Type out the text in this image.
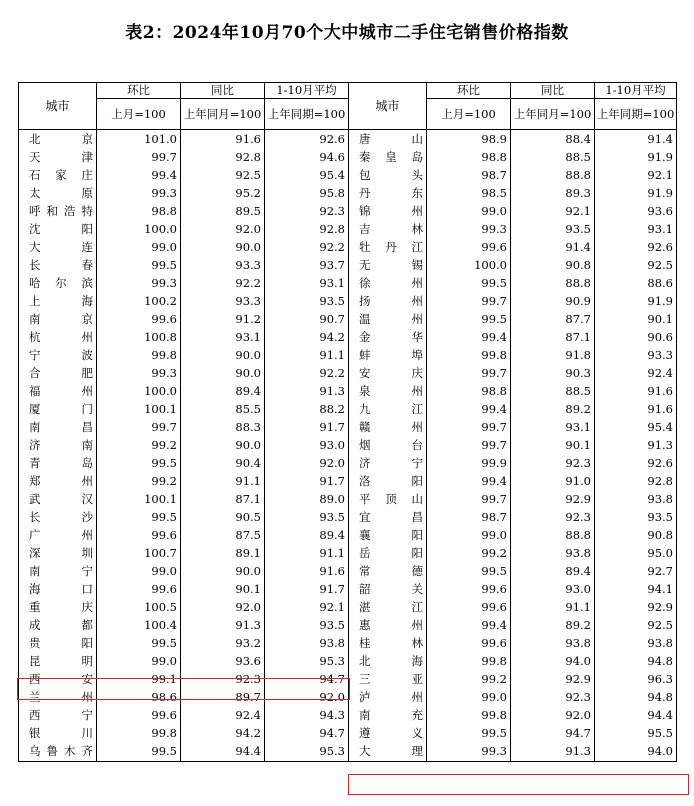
表2：2024年10月70个大中城市二手住宅销售价格指数
城市	环比	同比	1-10月平均	城市	环比	同比	1-10月平均
	上月=100	上年同月=100	上年同期=100		上月=100	上年同月=100	上年同期=100

北 京	101.0	91.6	92.6	唐 山	98.9	88.4	91.4

天 津	99.7	92.8	94.6	秦 皇 岛	98.8	88.5	91.9

石 家 庄	99.4	92.5	95.4	包 头	98.7	88.8	92.1

太 原	99.3	95.2	95.8	丹 东	98.5	89.3	91.9

呼 和 浩 特	98.8	89.5	92.3	锦 州	99.0	92.1	93.6

沈 阳	100.0	92.0	92.8	吉 林	99.3	93.5	93.1

大 连	99.0	90.0	92.2	牡 丹 江	99.6	91.4	92.6

长 春	99.5	93.3	93.7	无 锡	100.0	90.8	92.5

哈 尔 滨	99.3	92.2	93.1	徐 州	99.5	88.8	88.6

上 海	100.2	93.3	93.5	扬 州	99.7	90.9	91.9

南 京	99.6	91.2	90.7	温 州	99.5	87.7	90.1

杭 州	100.8	93.1	94.2	金 华	99.4	87.1	90.6

宁 波	99.8	90.0	91.1	蚌 埠	99.8	91.8	93.3

合 肥	99.3	90.0	92.2	安 庆	99.7	90.3	92.4

福 州	100.0	89.4	91.3	泉 州	98.8	88.5	91.6

厦 门	100.1	85.5	88.2	九 江	99.4	89.2	91.6

南 昌	99.7	88.3	91.7	赣 州	99.7	93.1	95.4

济 南	99.2	90.0	93.0	烟 台	99.7	90.1	91.3

青 岛	99.5	90.4	92.0	济 宁	99.9	92.3	92.6

郑 州	99.2	91.1	91.7	洛 阳	99.4	91.0	92.8

武 汉	100.1	87.1	89.0	平 顶 山	99.7	92.9	93.8

长 沙	99.5	90.5	93.5	宜 昌	98.7	92.3	93.5

广 州	99.6	87.5	89.4	襄 阳	99.0	88.8	90.8

深 圳	100.7	89.1	91.1	岳 阳	99.2	93.8	95.0

南 宁	99.0	90.0	91.6	常 德	99.5	89.4	92.7

海 口	99.6	90.1	91.7	韶 关	99.6	93.0	94.1

重 庆	100.5	92.0	92.1	湛 江	99.6	91.1	92.9

成 都	100.4	91.3	93.5	惠 州	99.4	89.2	92.5

贵 阳	99.5	93.2	93.8	桂 林	99.6	93.8	93.8

昆 明	99.0	93.6	95.3	北 海	99.8	94.0	94.8

西 安	99.1	92.3	94.7	三 亚	99.2	92.9	96.3

兰 州	98.6	89.7	92.0	泸 州	99.0	92.3	94.8

西 宁	99.6	92.4	94.3	南 充	99.8	92.0	94.4

银 川	99.8	94.2	94.7	遵 义	99.5	94.7	95.5

乌 鲁 木 齐	99.5	94.4	95.3	大 理	99.3	91.3	94.0
